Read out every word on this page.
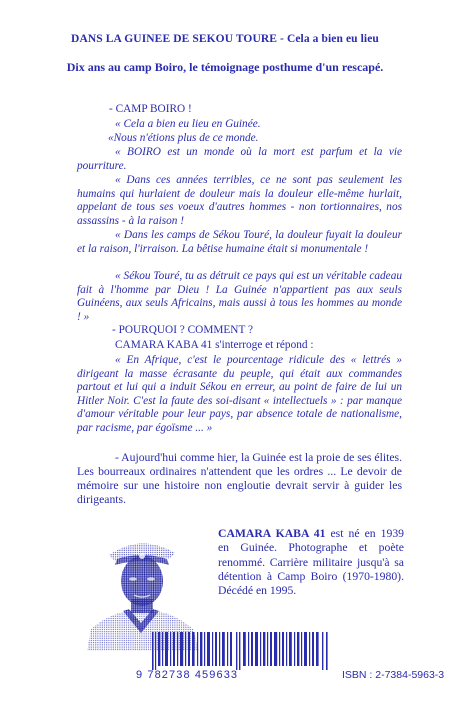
DANS LA GUINEE DE SEKOU TOURE - Cela a bien eu lieu
Dix ans au camp Boiro, le témoignage posthume d'un rescapé.
- CAMP BOIRO !
« Cela a bien eu lieu en Guinée.
«Nous n'étions plus de ce monde.
« BOIRO est un monde où la mort est parfum et la vie pourriture.
« Dans ces années terribles, ce ne sont pas seulement les humains qui hurlaient de douleur mais la douleur elle-même hurlait, appelant de tous ses voeux d'autres hommes - non tortionnaires, nos assassins - à la raison !
« Dans les camps de Sékou Touré, la douleur fuyait la douleur et la raison, l'irraison. La bêtise humaine était si monumentale !
« Sékou Touré, tu as détruit ce pays qui est un véritable cadeau fait à l'homme par Dieu ! La Guinée n'appartient pas aux seuls Guinéens, aux seuls Africains, mais aussi à tous les hommes au monde ! »
- POURQUOI ? COMMENT ?
CAMARA KABA 41 s'interroge et répond :
« En Afrique, c'est le pourcentage ridicule des « lettrés » dirigeant la masse écrasante du peuple, qui était aux commandes partout et lui qui a induit Sékou en erreur, au point de faire de lui un Hitler Noir. C'est la faute des soi-disant « intellectuels » : par manque d'amour véritable pour leur pays, par absence totale de nationalisme, par racisme, par égoïsme ... »
- Aujourd'hui comme hier, la Guinée est la proie de ses élites. Les bourreaux ordinaires n'attendent que les ordres ... Le devoir de mémoire sur une histoire non engloutie devrait servir à guider les dirigeants.
CAMARA KABA 41 est né en 1939 en Guinée. Photographe et poète renommé. Carrière militaire jusqu'à sa détention à Camp Boiro (1970-1980). Décédé en 1995.
9 782738 459633	ISBN : 2-7384-5963-3
